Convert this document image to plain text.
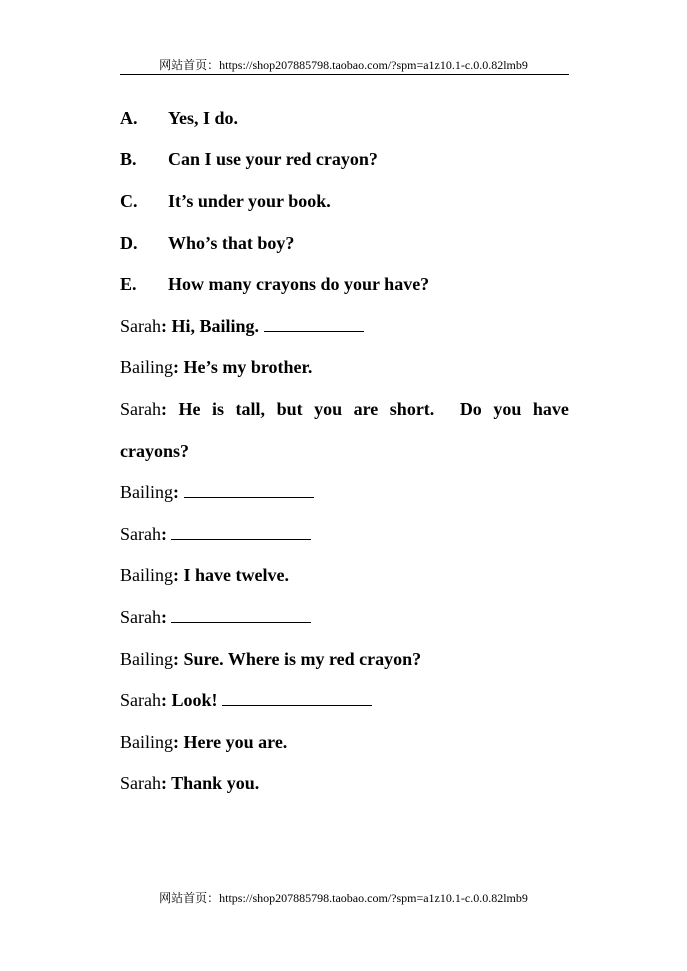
网站首页：https://shop207885798.taobao.com/?spm=a1z10.1-c.0.0.82lmb9
A. Yes, I do.
B. Can I use your red crayon?
C. It’s under your book.
D. Who’s that boy?
E. How many crayons do your have?
Sarah: Hi, Bailing.
Bailing: He’s my brother.
Sarah: He is tall, but you are short. Do you have
crayons?
Bailing:
Sarah:
Bailing: I have twelve.
Sarah:
Bailing: Sure. Where is my red crayon?
Sarah: Look!
Bailing: Here you are.
Sarah: Thank you.
网站首页：https://shop207885798.taobao.com/?spm=a1z10.1-c.0.0.82lmb9
